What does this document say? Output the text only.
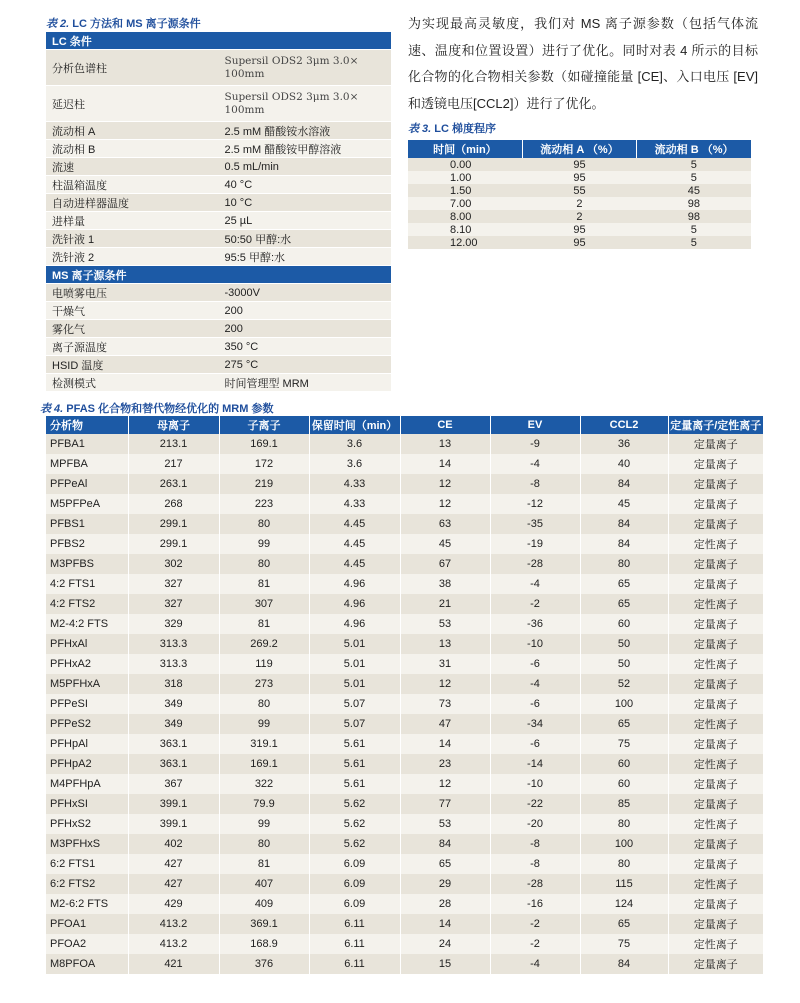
表 2. LC 方法和 MS 离子源条件
LC 条件	
分析色谱柱	Supersil ODS2 3μm 3.0× 100mm
延迟柱	Supersil ODS2 3μm 3.0× 100mm
流动相 A	2.5 mM 醋酸铵水溶液
流动相 B	2.5 mM 醋酸铵甲醇溶液
流速	0.5 mL/min
柱温箱温度	40 °C
自动进样器温度	10 °C
进样量	25 µL
洗针液 1	50:50 甲醇:水
洗针液 2	95:5 甲醇:水
MS 离子源条件	
电喷雾电压	-3000V
干燥气	200
雾化气	200
离子源温度	350 °C
HSID 温度	275 °C
检测模式	时间管理型 MRM

为实现最高灵敏度，我们对 MS 离子源参数（包括气体流速、温度和位置设置）进行了优化。同时对表 4 所示的目标化合物的化合物相关参数（如碰撞能量 [CE]、入口电压 [EV] 和透镜电压[CCL2]）进行了优化。

表 3. LC 梯度程序
时间（min）	流动相 A （%）	流动相 B （%）
0.00	95	5
1.00	95	5
1.50	55	45
7.00	2	98
8.00	2	98
8.10	95	5
12.00	95	5
表 4. PFAS 化合物和替代物经优化的 MRM 参数
分析物	母离子	子离子	保留时间（min）	CE	EV	CCL2	定量离子/定性离子
PFBA1	213.1	169.1	3.6	13	-9	36	定量离子
MPFBA	217	172	3.6	14	-4	40	定量离子
PFPeAl	263.1	219	4.33	12	-8	84	定量离子
M5PFPeA	268	223	4.33	12	-12	45	定量离子
PFBS1	299.1	80	4.45	63	-35	84	定量离子
PFBS2	299.1	99	4.45	45	-19	84	定性离子
M3PFBS	302	80	4.45	67	-28	80	定量离子
4:2 FTS1	327	81	4.96	38	-4	65	定量离子
4:2 FTS2	327	307	4.96	21	-2	65	定性离子
M2-4:2 FTS	329	81	4.96	53	-36	60	定量离子
PFHxAl	313.3	269.2	5.01	13	-10	50	定量离子
PFHxA2	313.3	119	5.01	31	-6	50	定性离子
M5PFHxA	318	273	5.01	12	-4	52	定量离子
PFPeSI	349	80	5.07	73	-6	100	定量离子
PFPeS2	349	99	5.07	47	-34	65	定性离子
PFHpAl	363.1	319.1	5.61	14	-6	75	定量离子
PFHpA2	363.1	169.1	5.61	23	-14	60	定性离子
M4PFHpA	367	322	5.61	12	-10	60	定量离子
PFHxSI	399.1	79.9	5.62	77	-22	85	定量离子
PFHxS2	399.1	99	5.62	53	-20	80	定性离子
M3PFHxS	402	80	5.62	84	-8	100	定量离子
6:2 FTS1	427	81	6.09	65	-8	80	定量离子
6:2 FTS2	427	407	6.09	29	-28	115	定性离子
M2-6:2 FTS	429	409	6.09	28	-16	124	定量离子
PFOA1	413.2	369.1	6.11	14	-2	65	定量离子
PFOA2	413.2	168.9	6.11	24	-2	75	定性离子
M8PFOA	421	376	6.11	15	-4	84	定量离子
